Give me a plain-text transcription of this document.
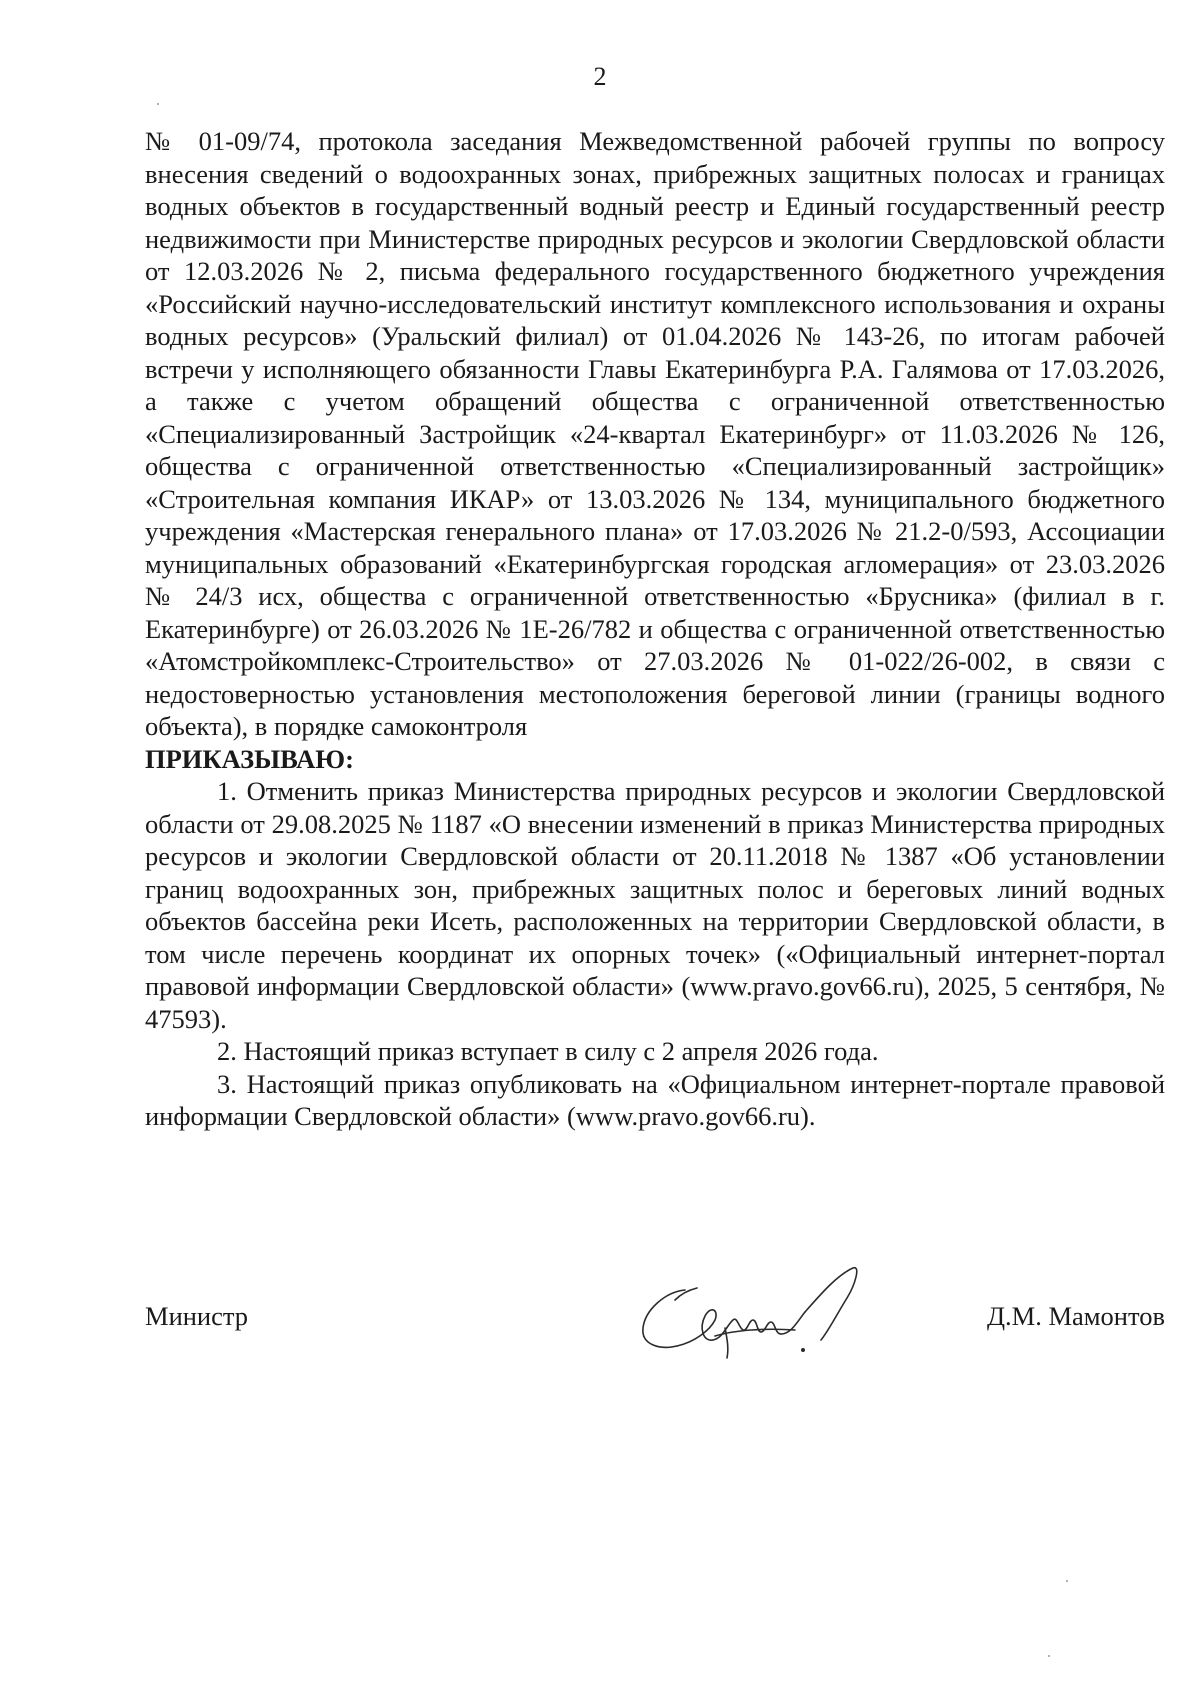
2

№ 01-09/74, протокола заседания Межведомственной рабочей группы по вопросу внесения сведений о водоохранных зонах, прибрежных защитных полосах и границах водных объектов в государственный водный реестр и Единый государственный реестр недвижимости при Министерстве природных ресурсов и экологии Свердловской области от 12.03.2026 № 2, письма федерального государственного бюджетного учреждения «Российский научно-исследовательский институт комплексного использования и охраны водных ресурсов» (Уральский филиал) от 01.04.2026 № 143-26, по итогам рабочей встречи у исполняющего обязанности Главы Екатеринбурга Р.А. Галямова от 17.03.2026, а также с учетом обращений общества с ограниченной ответственностью «Специализированный Застройщик «24-квартал Екатеринбург» от 11.03.2026 № 126, общества с ограниченной ответственностью «Специализированный застройщик» «Строительная компания ИКАР» от 13.03.2026 № 134, муниципального бюджетного учреждения «Мастерская генерального плана» от 17.03.2026 № 21.2-0/593, Ассоциации муниципальных образований «Екатеринбургская городская агломерация» от 23.03.2026 № 24/3 исх, общества с ограниченной ответственностью «Брусника» (филиал в г. Екатеринбурге) от 26.03.2026 № 1Е-26/782 и общества с ограниченной ответственностью «Атомстройкомплекс-Строительство» от 27.03.2026 № 01-022/26-002, в связи с недостоверностью установления местоположения береговой линии (границы водного объекта), в порядке самоконтроля

ПРИКАЗЫВАЮ:

1. Отменить приказ Министерства природных ресурсов и экологии Свердловской области от 29.08.2025 № 1187 «О внесении изменений в приказ Министерства природных ресурсов и экологии Свердловской области от 20.11.2018 № 1387 «Об установлении границ водоохранных зон, прибрежных защитных полос и береговых линий водных объектов бассейна реки Исеть, расположенных на территории Свердловской области, в том числе перечень координат их опорных точек» («Официальный интернет-портал правовой информации Свердловской области» (www.pravo.gov66.ru), 2025, 5 сентября, № 47593).

2. Настоящий приказ вступает в силу с 2 апреля 2026 года.

3. Настоящий приказ опубликовать на «Официальном интернет-портале правовой информации Свердловской области» (www.pravo.gov66.ru).

Министр	Д.М. Мамонтов
